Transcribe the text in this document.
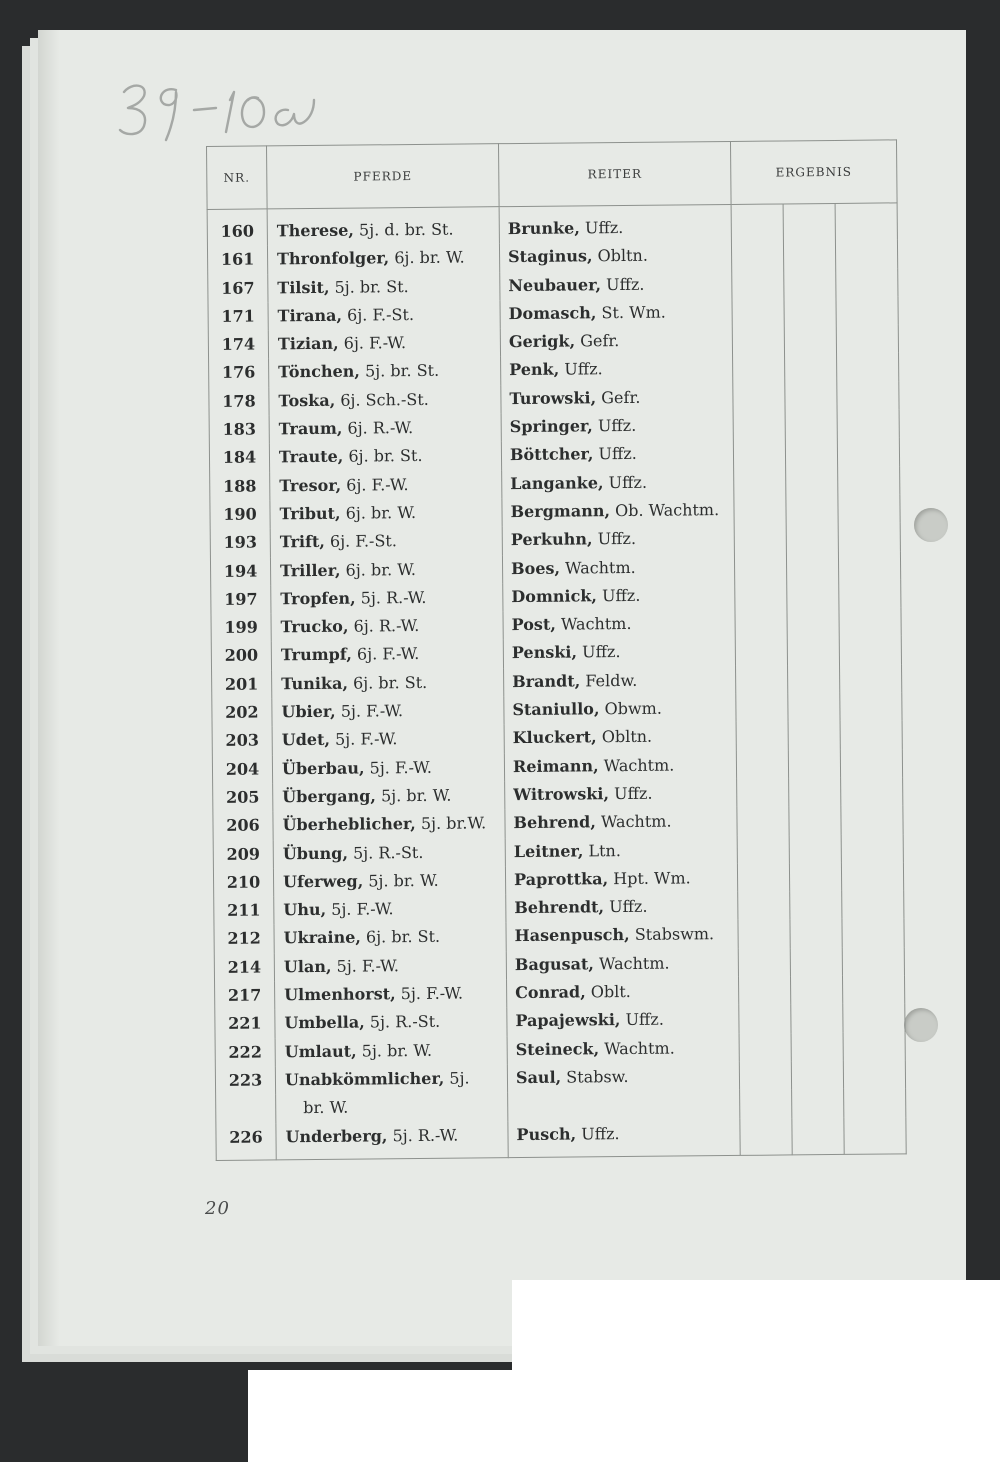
NR.	PFERDE	REITER	ERGEBNIS		
160	Therese, 5j. d. br. St.	Brunke, Uffz.			
161	Thronfolger, 6j. br. W.	Staginus, Obltn.			
167	Tilsit, 5j. br. St.	Neubauer, Uffz.			
171	Tirana, 6j. F.-St.	Domasch, St. Wm.			
174	Tizian, 6j. F.-W.	Gerigk, Gefr.			
176	Tönchen, 5j. br. St.	Penk, Uffz.			
178	Toska, 6j. Sch.-St.	Turowski, Gefr.			
183	Traum, 6j. R.-W.	Springer, Uffz.			
184	Traute, 6j. br. St.	Böttcher, Uffz.			
188	Tresor, 6j. F.-W.	Langanke, Uffz.			
190	Tribut, 6j. br. W.	Bergmann, Ob. Wachtm.			
193	Trift, 6j. F.-St.	Perkuhn, Uffz.			
194	Triller, 6j. br. W.	Boes, Wachtm.			
197	Tropfen, 5j. R.-W.	Domnick, Uffz.			
199	Trucko, 6j. R.-W.	Post, Wachtm.			
200	Trumpf, 6j. F.-W.	Penski, Uffz.			
201	Tunika, 6j. br. St.	Brandt, Feldw.			
202	Ubier, 5j. F.-W.	Staniullo, Obwm.			
203	Udet, 5j. F.-W.	Kluckert, Obltn.			
204	Überbau, 5j. F.-W.	Reimann, Wachtm.			
205	Übergang, 5j. br. W.	Witrowski, Uffz.			
206	Überheblicher, 5j. br.W.	Behrend, Wachtm.			
209	Übung, 5j. R.-St.	Leitner, Ltn.			
210	Uferweg, 5j. br. W.	Paprottka, Hpt. Wm.			
211	Uhu, 5j. F.-W.	Behrendt, Uffz.			
212	Ukraine, 6j. br. St.	Hasenpusch, Stabswm.			
214	Ulan, 5j. F.-W.	Bagusat, Wachtm.			
217	Ulmenhorst, 5j. F.-W.	Conrad, Oblt.			
221	Umbella, 5j. R.-St.	Papajewski, Uffz.			
222	Umlaut, 5j. br. W.	Steineck, Wachtm.			
223	Unabkömmlicher, 5j.	Saul, Stabsw.			
	br. W.				
226	Underberg, 5j. R.-W.	Pusch, Uffz.			
20
